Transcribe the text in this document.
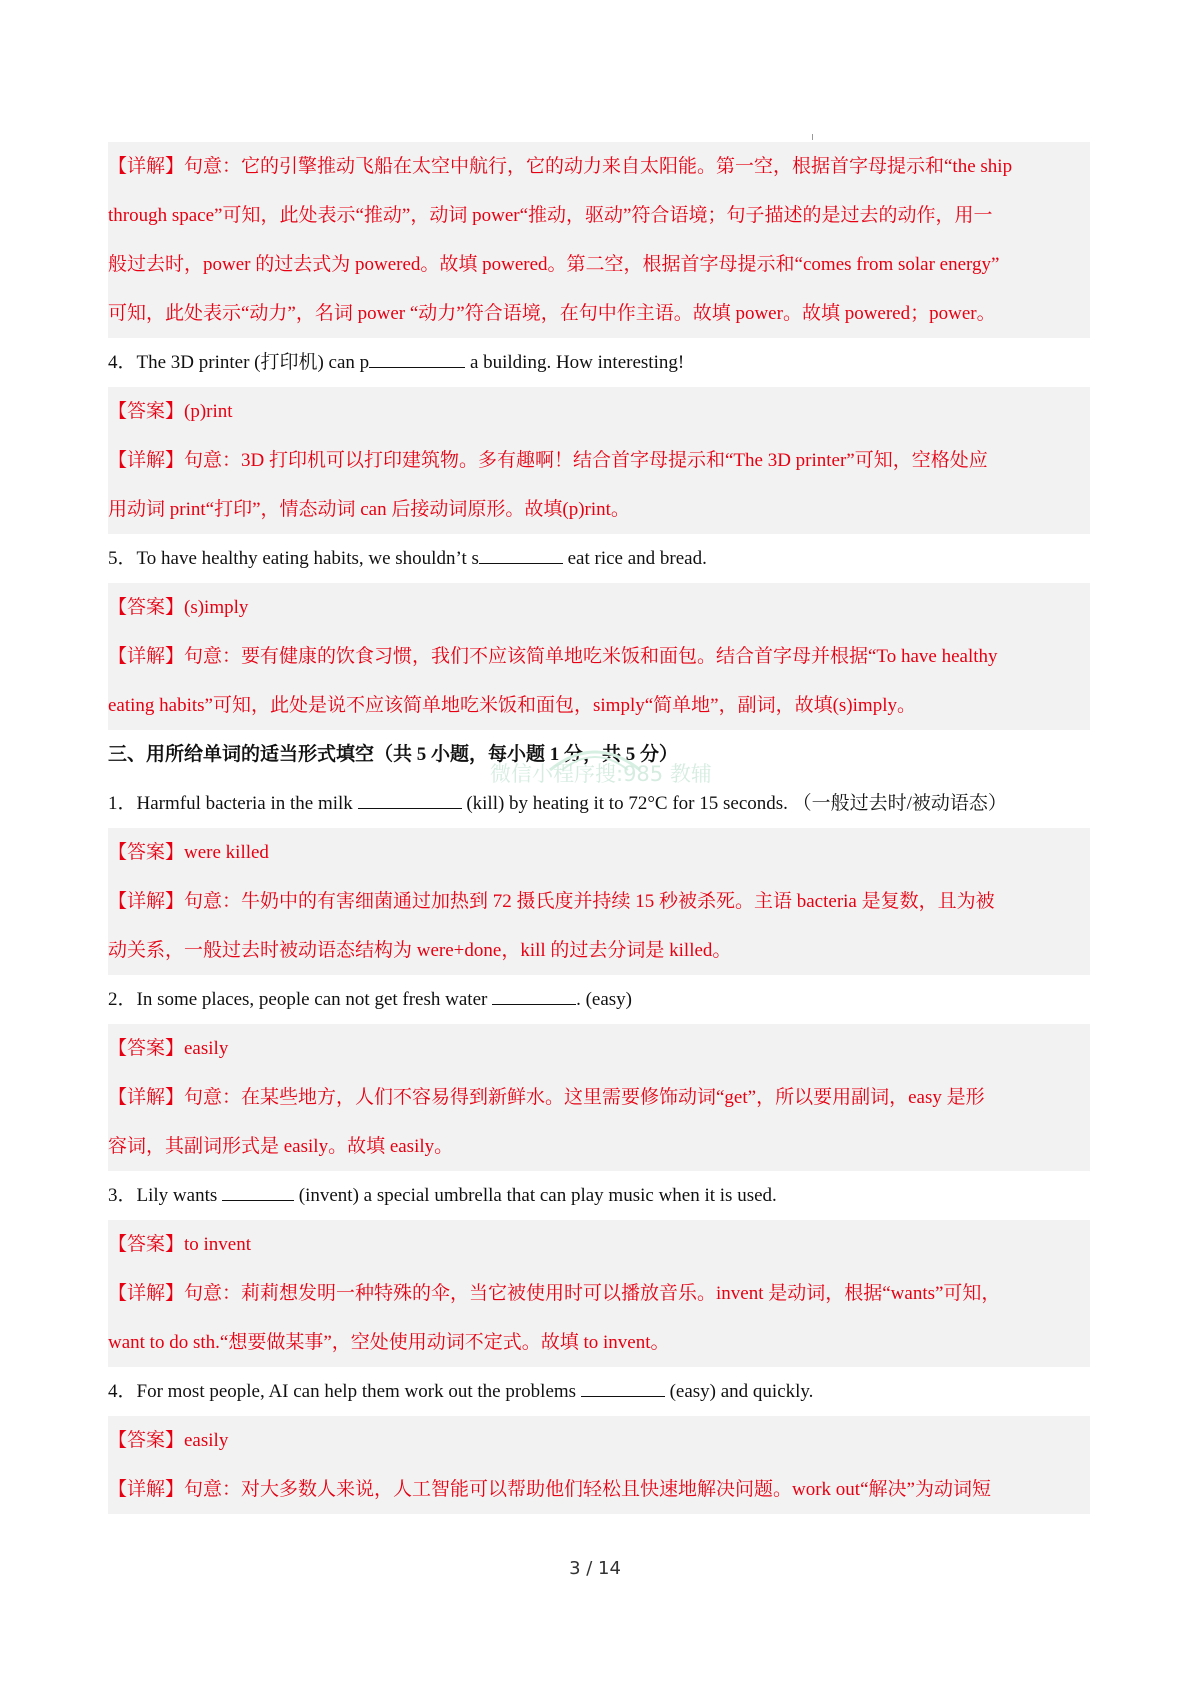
【详解】句意：它的引擎推动飞船在太空中航行，它的动力来自太阳能。第一空，根据首字母提示和“the ship
through space”可知，此处表示“推动”，动词 power“推动，驱动”符合语境；句子描述的是过去的动作，用一
般过去时，power 的过去式为 powered。故填 powered。第二空，根据首字母提示和“comes from solar energy”
可知，此处表示“动力”，名词 power “动力”符合语境，在句中作主语。故填 power。故填 powered；power。
4．The 3D printer (打印机) can p	a building. How interesting!
【答案】(p)rint
【详解】句意：3D 打印机可以打印建筑物。多有趣啊！结合首字母提示和“The 3D printer”可知，空格处应
用动词 print“打印”，情态动词 can 后接动词原形。故填(p)rint。
5．To have healthy eating habits, we shouldn’t s	eat rice and bread.
【答案】(s)imply
【详解】句意：要有健康的饮食习惯，我们不应该简单地吃米饭和面包。结合首字母并根据“To have healthy
eating habits”可知，此处是说不应该简单地吃米饭和面包，simply“简单地”，副词，故填(s)imply。
三、用所给单词的适当形式填空（共 5 小题，每小题 1 分，共 5 分）
1．Harmful bacteria in the milk	(kill) by heating it to 72°C for 15 seconds. （一般过去时/被动语态）
【答案】were killed
【详解】句意：牛奶中的有害细菌通过加热到 72 摄氏度并持续 15 秒被杀死。主语 bacteria 是复数，且为被
动关系，一般过去时被动语态结构为 were+done，kill 的过去分词是 killed。
2．In some places, people can not get fresh water	. (easy)
【答案】easily
【详解】句意：在某些地方，人们不容易得到新鲜水。这里需要修饰动词“get”，所以要用副词，easy 是形
容词，其副词形式是 easily。故填 easily。
3．Lily wants	(invent) a special umbrella that can play music when it is used.
【答案】to invent
【详解】句意：莉莉想发明一种特殊的伞，当它被使用时可以播放音乐。invent 是动词，根据“wants”可知，
want to do sth.“想要做某事”，空处使用动词不定式。故填 to invent。
4．For most people, AI can help them work out the problems	(easy) and quickly.
【答案】easily
【详解】句意：对大多数人来说，人工智能可以帮助他们轻松且快速地解决问题。work out“解决”为动词短
微信小程序搜:985 教辅
3 / 14
